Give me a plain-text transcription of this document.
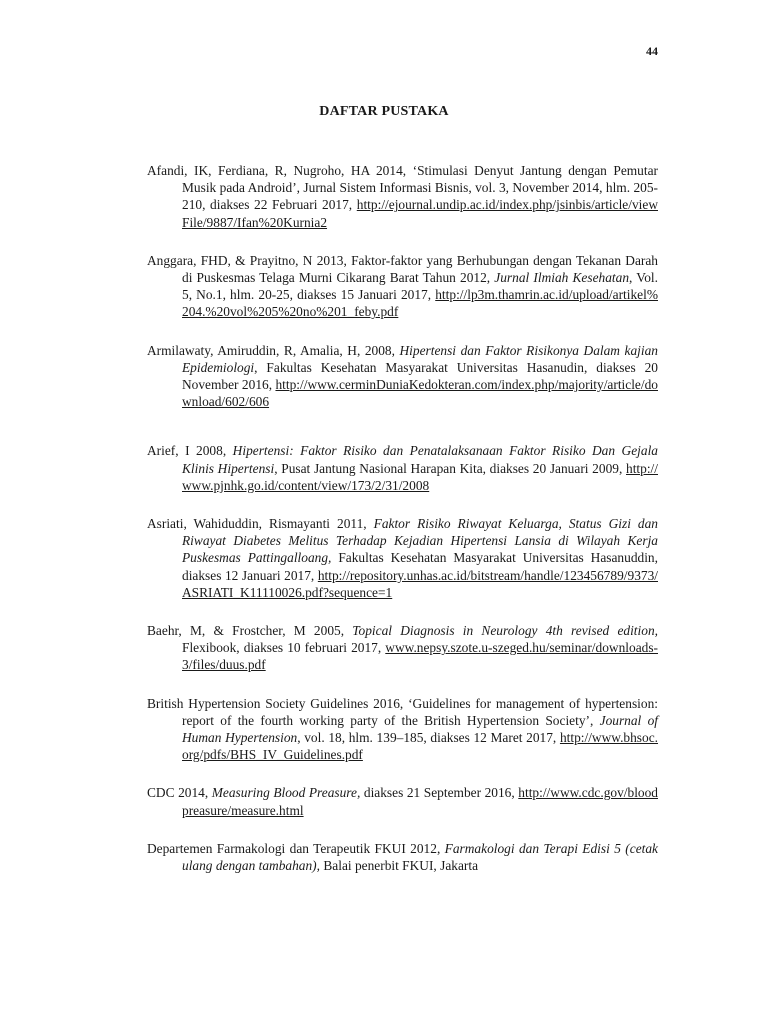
44
DAFTAR PUSTAKA

Afandi, IK, Ferdiana, R, Nugroho, HA 2014, ‘Stimulasi Denyut Jantung dengan Pemutar Musik pada Android’, Jurnal Sistem Informasi Bisnis, vol. 3, November 2014, hlm. 205-210, diakses 22 Februari 2017, http://ejournal.undip.ac.id/index.php/jsinbis/article/viewFile/9887/Ifan%20Kurnia2

Anggara, FHD, & Prayitno, N 2013, Faktor-faktor yang Berhubungan dengan Tekanan Darah di Puskesmas Telaga Murni Cikarang Barat Tahun 2012, Jurnal Ilmiah Kesehatan, Vol. 5, No.1, hlm. 20-25, diakses 15 Januari 2017, http://lp3m.thamrin.ac.id/upload/artikel%204.%20vol%205%20no%201_feby.pdf

Armilawaty, Amiruddin, R, Amalia, H, 2008, Hipertensi dan Faktor Risikonya Dalam kajian Epidemiologi, Fakultas Kesehatan Masyarakat Universitas Hasanudin, diakses 20 November 2016, http://www.cerminDuniaKedokteran.com/index.php/majority/article/download/602/606

Arief, I 2008, Hipertensi: Faktor Risiko dan Penatalaksanaan Faktor Risiko Dan Gejala Klinis Hipertensi, Pusat Jantung Nasional Harapan Kita, diakses 20 Januari 2009, http://www.pjnhk.go.id/content/view/173/2/31/2008

Asriati, Wahiduddin, Rismayanti 2011, Faktor Risiko Riwayat Keluarga, Status Gizi dan Riwayat Diabetes Melitus Terhadap Kejadian Hipertensi Lansia di Wilayah Kerja Puskesmas Pattingalloang, Fakultas Kesehatan Masyarakat Universitas Hasanuddin, diakses 12 Januari 2017, http://repository.unhas.ac.id/bitstream/handle/123456789/9373/ASRIATI_K11110026.pdf?sequence=1

Baehr, M, & Frostcher, M 2005, Topical Diagnosis in Neurology 4th revised edition, Flexibook, diakses 10 februari 2017, www.nepsy.szote.u-szeged.hu/seminar/downloads-3/files/duus.pdf

British Hypertension Society Guidelines 2016, ‘Guidelines for management of hypertension: report of the fourth working party of the British Hypertension Society’, Journal of Human Hypertension, vol. 18, hlm. 139–185, diakses 12 Maret 2017, http://www.bhsoc.org/pdfs/BHS_IV_Guidelines.pdf

CDC 2014, Measuring Blood Preasure, diakses 21 September 2016, http://www.cdc.gov/bloodpreasure/measure.html

Departemen Farmakologi dan Terapeutik FKUI 2012, Farmakologi dan Terapi Edisi 5 (cetak ulang dengan tambahan), Balai penerbit FKUI, Jakarta
